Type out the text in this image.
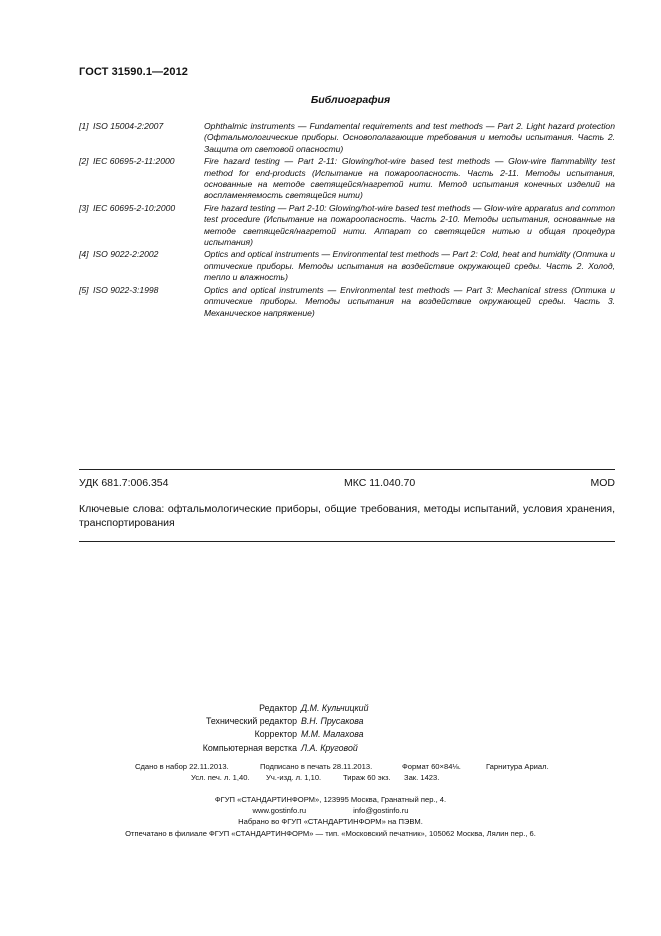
ГОСТ 31590.1—2012
Библиография
[1] ISO 15004-2:2007	Ophthalmic instruments — Fundamental requirements and test methods — Part 2. Light hazard protection (Офтальмологические приборы. Основополагающие требования и методы испытания. Часть 2. Защита от световой опасности)
[2] IEC 60695-2-11:2000	Fire hazard testing — Part 2-11: Glowing/hot-wire based test methods — Glow-wire flammability test method for end-products (Испытание на пожароопасность. Часть 2-11. Методы испытания, основанные на методе светящейся/нагретой нити. Метод испытания конечных изделий на воспламеняемость светящейся нити)
[3] IEC 60695-2-10:2000	Fire hazard testing — Part 2-10: Glowing/hot-wire based test methods — Glow-wire apparatus and common test procedure (Испытание на пожароопасность. Часть 2-10. Методы испытания, основанные на методе светящейся/нагретой нити. Аппарат со светящейся нитью и общая процедура испытания)
[4] ISO 9022-2:2002	Optics and optical instruments — Environmental test methods — Part 2: Cold, heat and humidity (Оптика и оптические приборы. Методы испытания на воздействие окружающей среды. Часть 2. Холод, тепло и влажность)
[5] ISO 9022-3:1998	Optics and optical instruments — Environmental test methods — Part 3: Mechanical stress (Оптика и оптические приборы. Методы испытания на воздействие окружающей среды. Часть 3. Механическое напряжение)
УДК 681.7:006.354	МКС 11.040.70	MOD
Ключевые слова: офтальмологические приборы, общие требования, методы испытаний, условия хранения, транспортирования
Редактор Д.М. Кульчицкий
Технический редактор В.Н. Прусакова
Корректор М.М. Малахова
Компьютерная верстка Л.А. Круговой
Сдано в набор 22.11.2013.	Подписано в печать 28.11.2013.	Формат 60×84⅛.	Гарнитура Ариал.
Усл. печ. л. 1,40. Уч.-изд. л. 1,10.	Тираж 60 экз. Зак. 1423.
ФГУП «СТАНДАРТИНФОРМ», 123995 Москва, Гранатный пер., 4.
www.gostinfo.ru	info@gostinfo.ru
Набрано во ФГУП «СТАНДАРТИНФОРМ» на ПЭВМ.
Отпечатано в филиале ФГУП «СТАНДАРТИНФОРМ» — тип. «Московский печатник», 105062 Москва, Лялин пер., 6.
